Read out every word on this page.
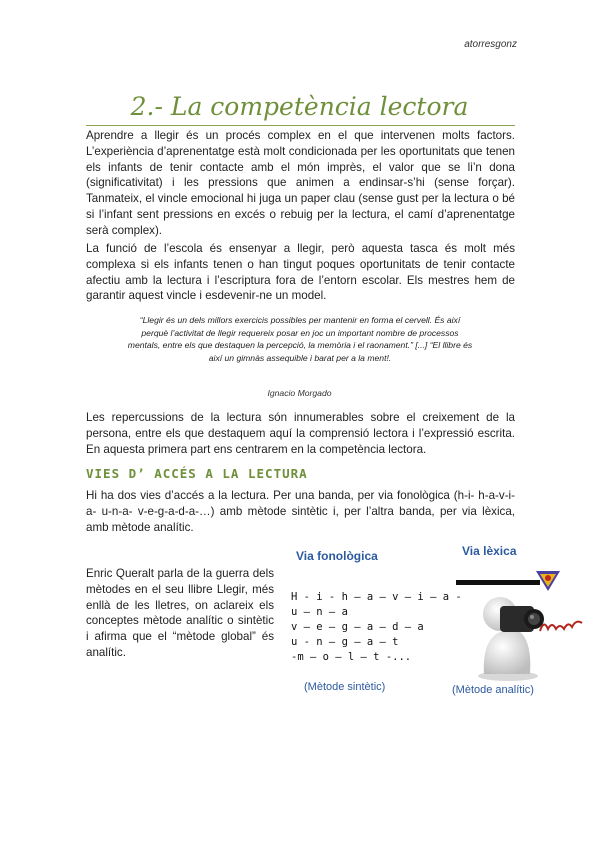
atorresgonz
2.- La competència lectora

Aprendre a llegir és un procés complex en el que intervenen molts factors. L’experiència d’aprenentatge està molt condicionada per les oportunitats que tenen els infants de tenir contacte amb el món imprès, el valor que se li’n dona (significativitat) i les pressions que animen a endinsar-s’hi (sense forçar). Tanmateix, el vincle emocional hi juga un paper clau (sense gust per la lectura o bé si l’infant sent pressions en excés o rebuig per la lectura, el camí d’aprenentatge serà complex).

La funció de l’escola és ensenyar a llegir, però aquesta tasca és molt més complexa si els infants tenen o han tingut poques oportunitats de tenir contacte afectiu amb la lectura i l’escriptura fora de l’entorn escolar. Els mestres hem de garantir aquest vincle i esdevenir-ne un model.

“Llegir és un dels millors exercicis possibles per mantenir en forma el cervell. És així perquè l’activitat de llegir requereix posar en joc un important nombre de processos mentals, entre els que destaquen la percepció, la memòria i el raonament.” [...] “El llibre és així un gimnàs assequible i barat per a la ment!.

Ignacio Morgado

Les repercussions de la lectura són innumerables sobre el creixement de la persona, entre els que destaquem aquí la comprensió lectora i l’expressió escrita. En aquesta primera part ens centrarem en la competència lectora.

VIES D’ ACCÉS A LA LECTURA

Hi ha dos vies d’accés a la lectura. Per una banda, per via fonològica (h-i- h-a-v-i-a- u-n-a- v-e-g-a-d-a-…) amb mètode sintètic i, per l’altra banda, per via lèxica, amb mètode analític.

Enric Queralt parla de la guerra dels mètodes en el seu llibre Llegir, més enllà de les lletres, on aclareix els conceptes mètode analític o sintètic i afirma que el “mètode global” és analític.

Via fonològica
H - i - h – a – v – i – a -
u – n – a
v – e – g – a – d – a
u - n – g – a – t
-m – o – l – t -...
(Mètode sintètic)
Via lèxica
(Mètode analític)
